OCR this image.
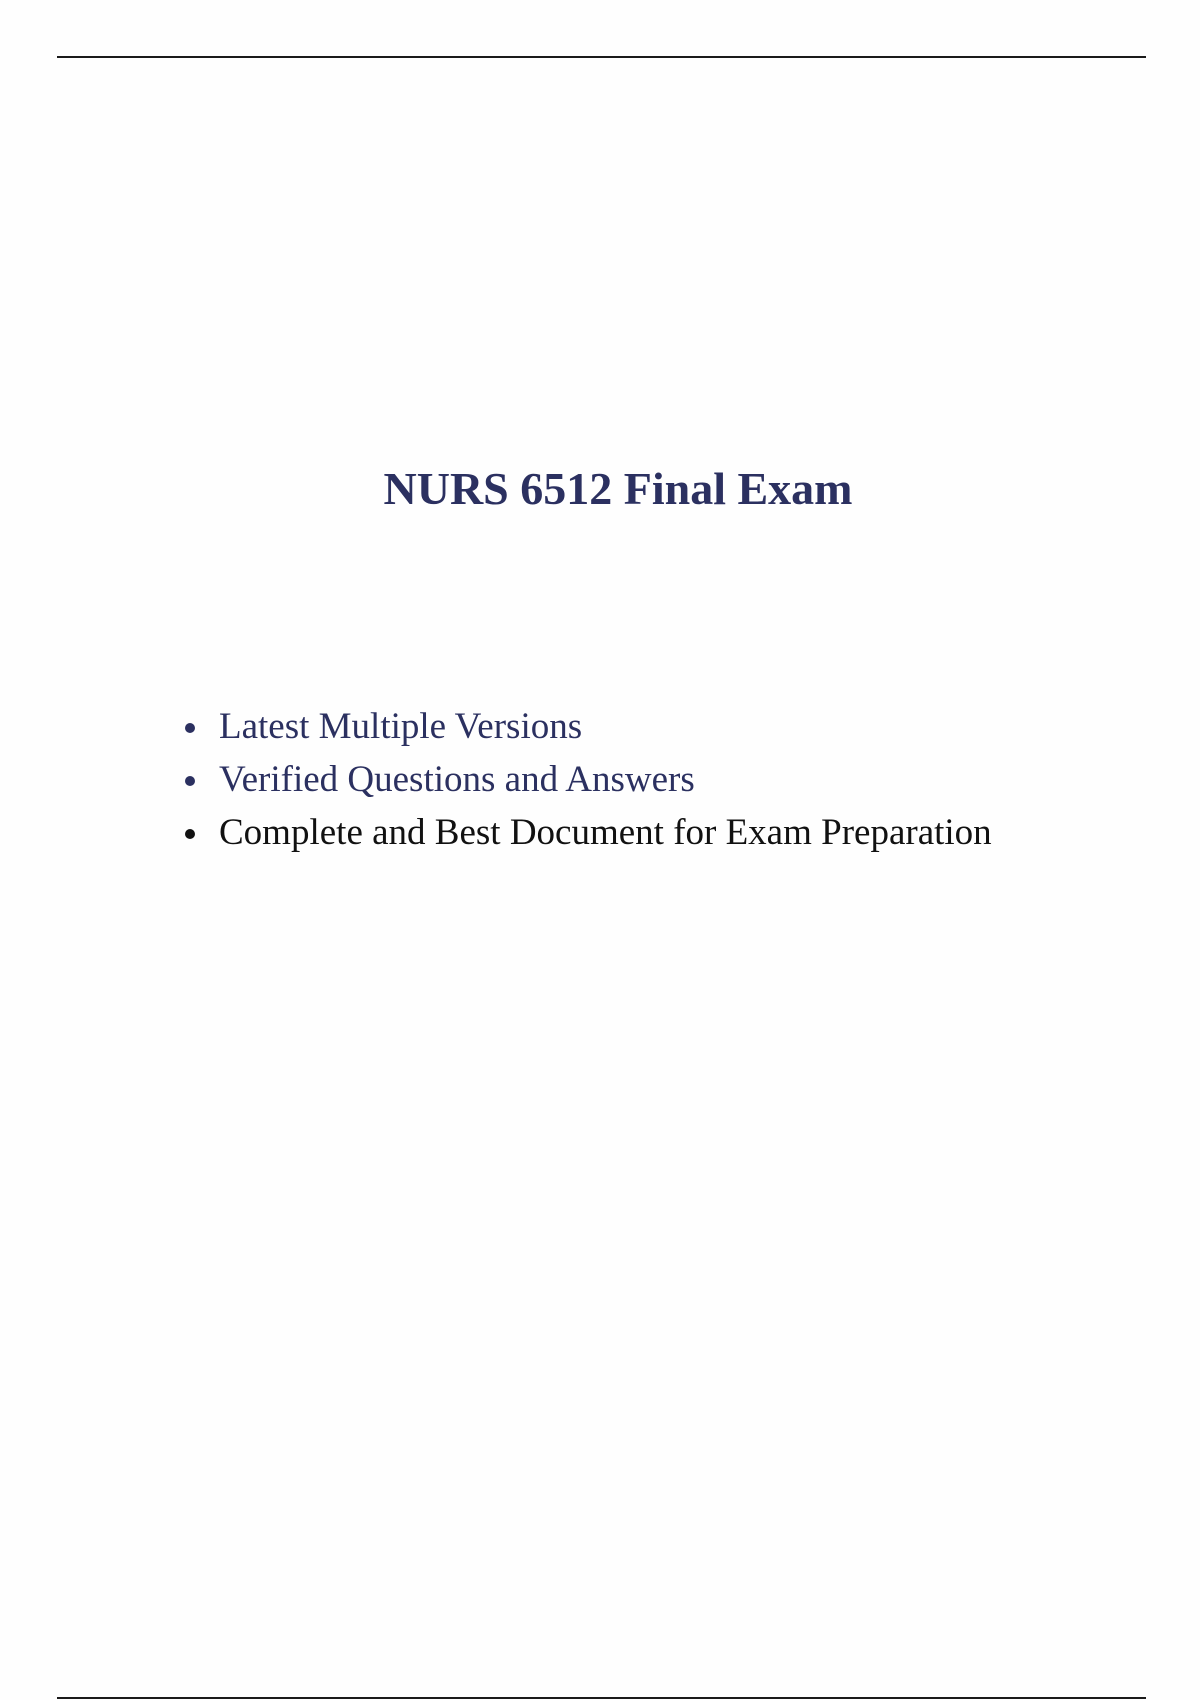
NURS 6512 Final Exam
Latest Multiple Versions
Verified Questions and Answers
Complete and Best Document for Exam Preparation
